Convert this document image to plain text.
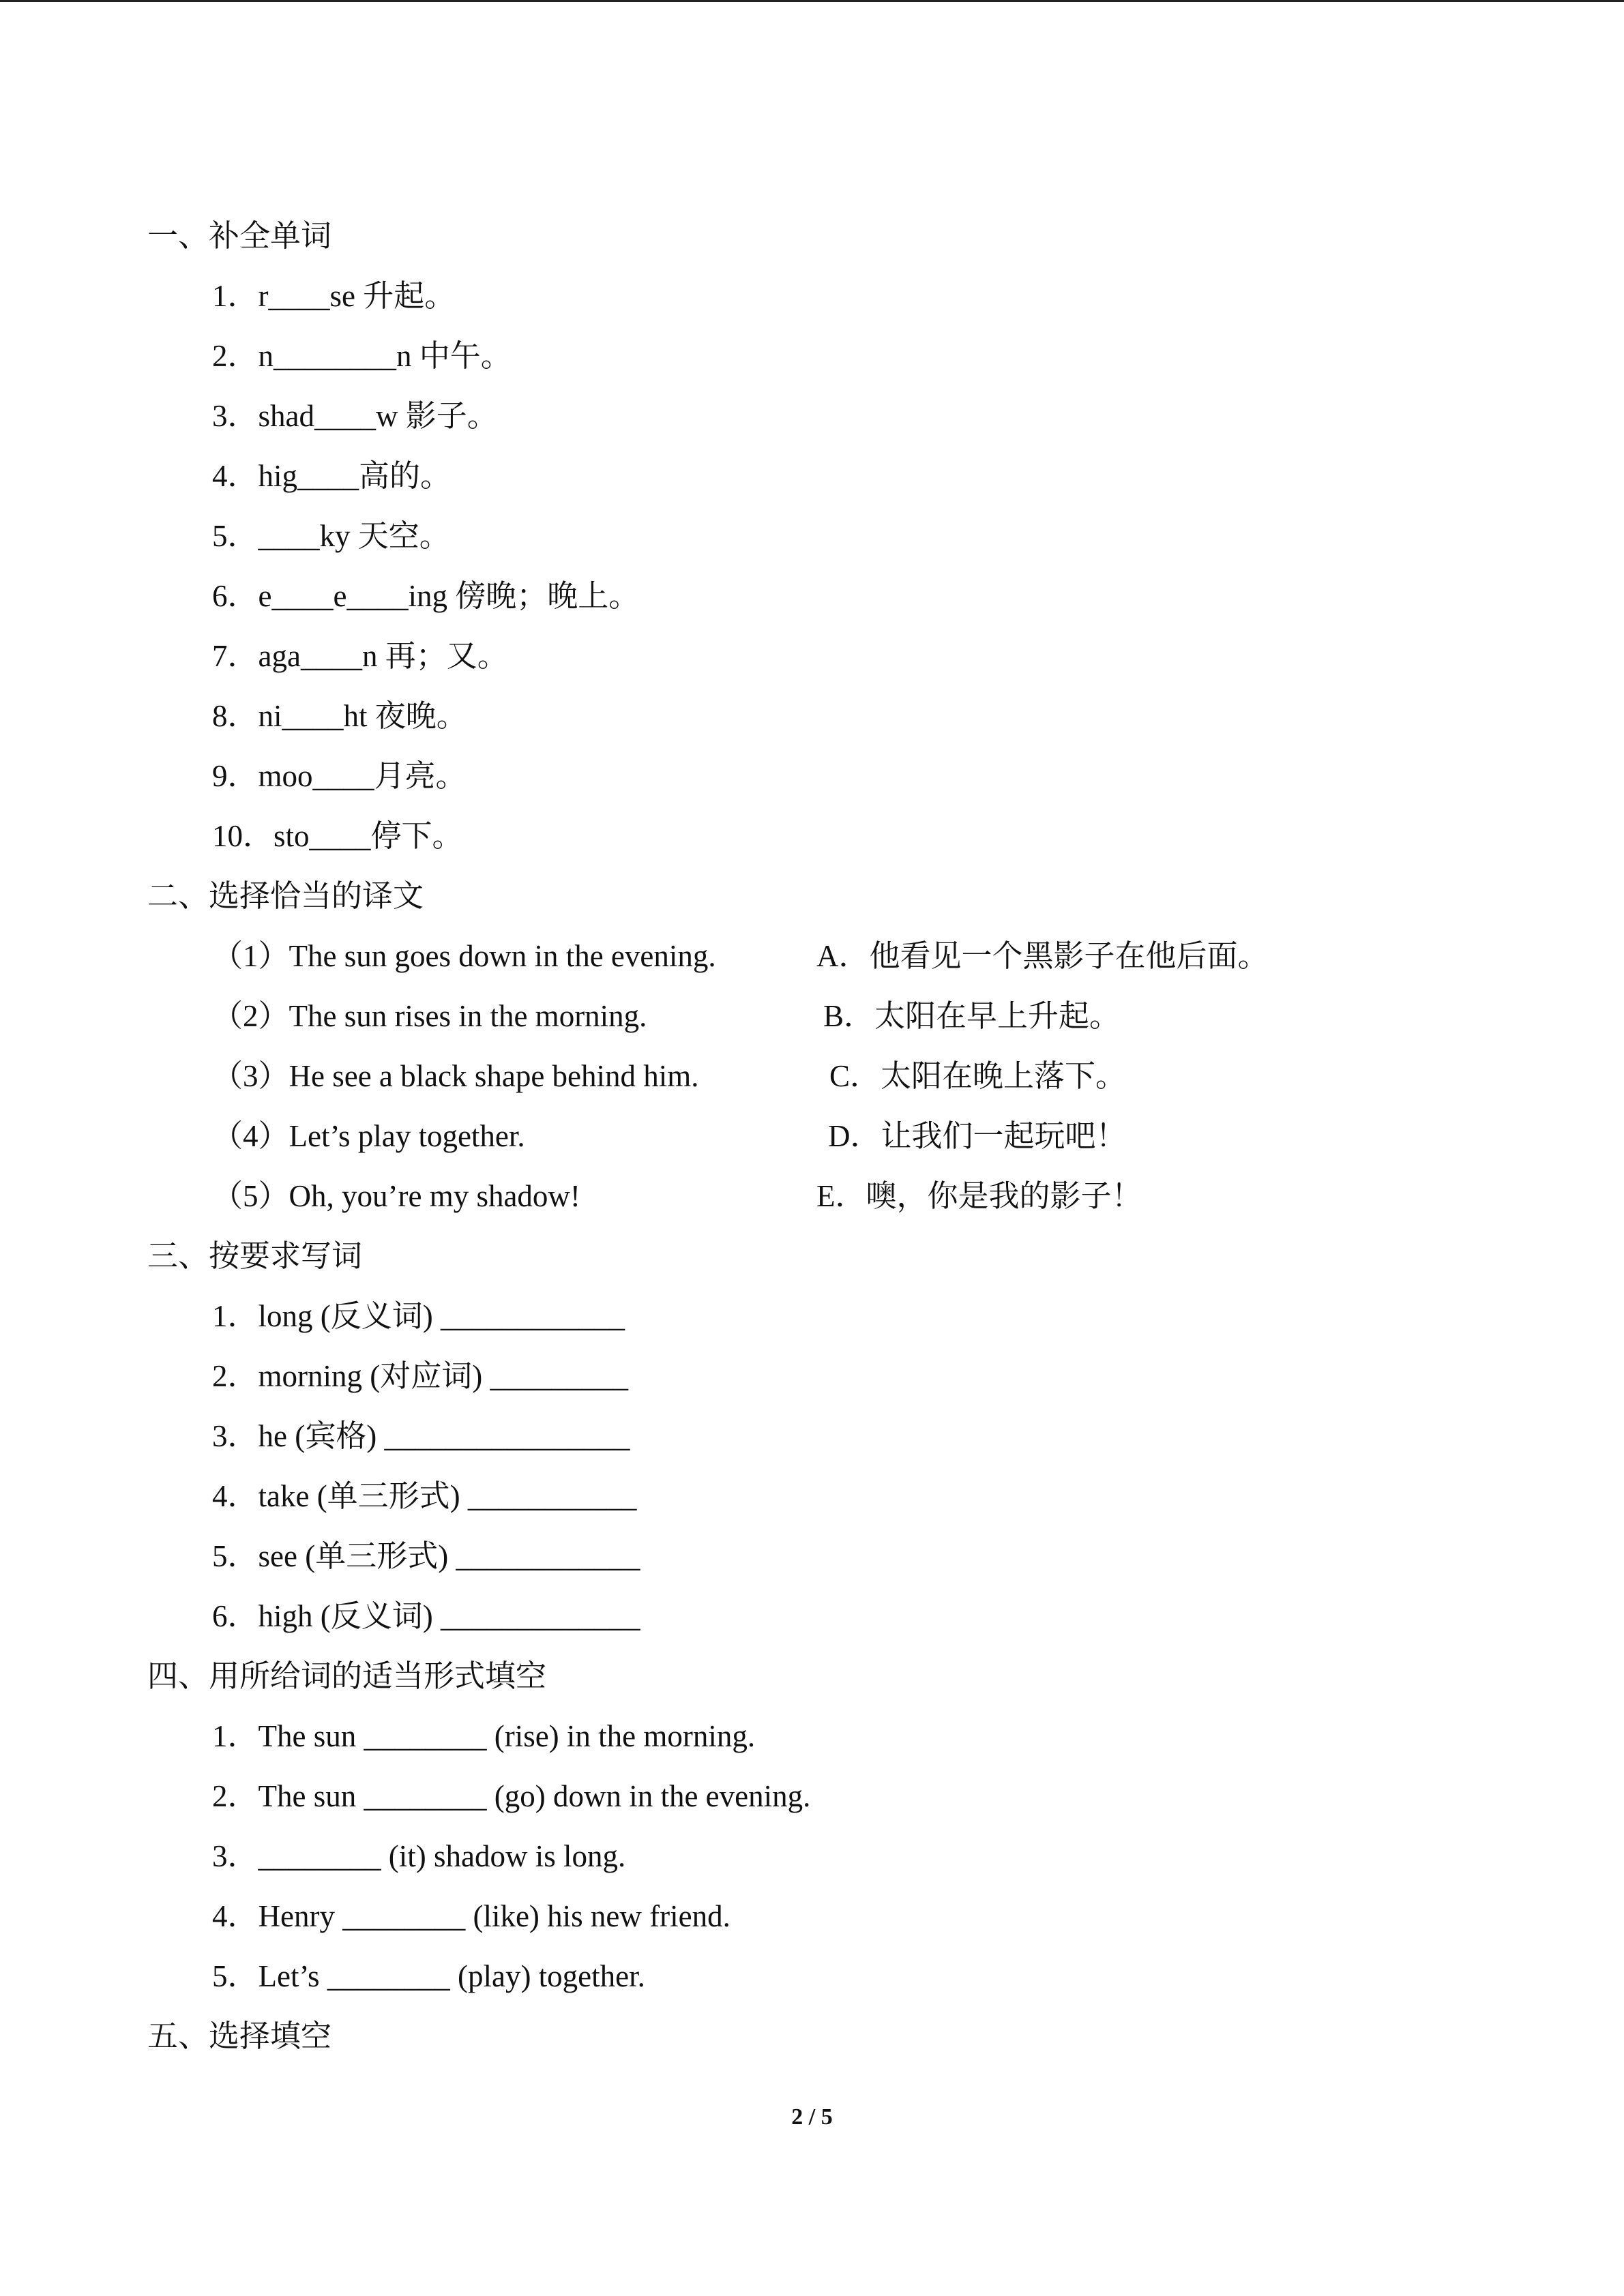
一、补全单词
1．r____se 升起。
2．n________n 中午。
3．shad____w 影子。
4．hig____高的。
5．____ky 天空。
6．e____e____ing 傍晚；晚上。
7．aga____n 再；又。
8．ni____ht 夜晚。
9．moo____月亮。
10．sto____停下。
二、选择恰当的译文
（1）The sun goes down in the evening.	A．他看见一个黑影子在他后面。
（2）The sun rises in the morning.	B．太阳在早上升起。
（3）He see a black shape behind him.	C．太阳在晚上落下。
（4）Let’s play together.	D．让我们一起玩吧！
（5）Oh, you’re my shadow!	E．噢，你是我的影子！
三、按要求写词
1．long (反义词) ____________
2．morning (对应词) _________
3．he (宾格) ________________
4．take (单三形式) ___________
5．see (单三形式) ____________
6．high (反义词) _____________
四、用所给词的适当形式填空
1．The sun ________ (rise) in the morning.
2．The sun ________ (go) down in the evening.
3．________ (it) shadow is long.
4．Henry ________ (like) his new friend.
5．Let’s ________ (play) together.
五、选择填空
2 / 5
